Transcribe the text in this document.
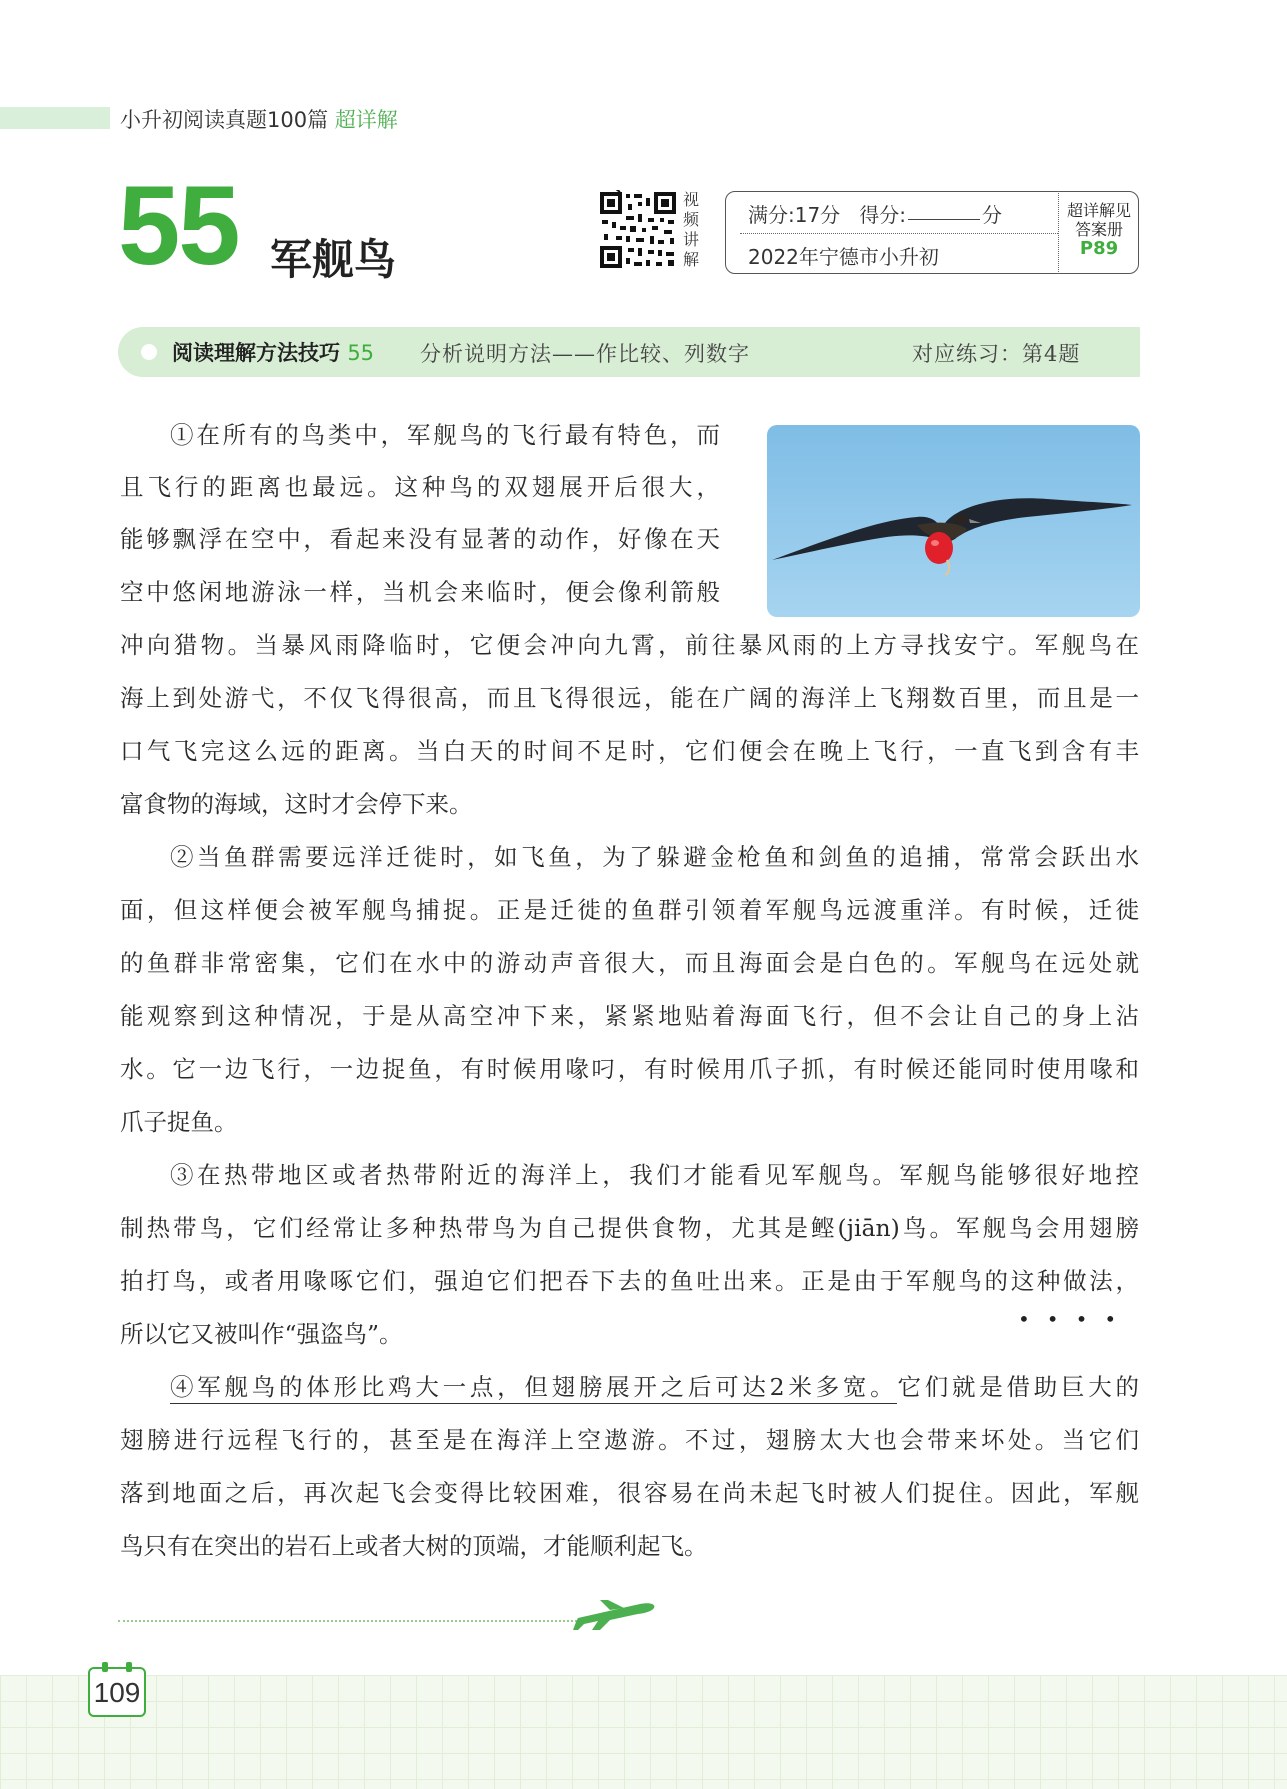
小升初阅读真题100篇 超详解
55 军舰鸟
视
频
讲
解
满分:17分 得分:	分
2022年宁德市小升初
超详解见
答案册
P89
阅读理解方法技巧 55 分析说明方法——作比较、列数字	对应练习：第4题
①在所有的鸟类中，军舰鸟的飞行最有特色，而
且飞行的距离也最远。这种鸟的双翅展开后很大，
能够飘浮在空中，看起来没有显著的动作，好像在天
空中悠闲地游泳一样，当机会来临时，便会像利箭般
冲向猎物。当暴风雨降临时，它便会冲向九霄，前往暴风雨的上方寻找安宁。军舰鸟在
海上到处游弋，不仅飞得很高，而且飞得很远，能在广阔的海洋上飞翔数百里，而且是一
口气飞完这么远的距离。当白天的时间不足时，它们便会在晚上飞行，一直飞到含有丰
富食物的海域，这时才会停下来。
②当鱼群需要远洋迁徙时，如飞鱼，为了躲避金枪鱼和剑鱼的追捕，常常会跃出水
面，但这样便会被军舰鸟捕捉。正是迁徙的鱼群引领着军舰鸟远渡重洋。有时候，迁徙
的鱼群非常密集，它们在水中的游动声音很大，而且海面会是白色的。军舰鸟在远处就
能观察到这种情况，于是从高空冲下来，紧紧地贴着海面飞行，但不会让自己的身上沾
水。它一边飞行，一边捉鱼，有时候用喙叼，有时候用爪子抓，有时候还能同时使用喙和
爪子捉鱼。
③在热带地区或者热带附近的海洋上，我们才能看见军舰鸟。军舰鸟能够很好地控
制热带鸟，它们经常让多种热带鸟为自己提供食物，尤其是鲣(jiān)鸟。军舰鸟会用翅膀
拍打鸟，或者用喙啄它们，强迫它们把吞下去的鱼吐出来。正是由于军舰鸟的这种做法，
••••
所以它又被叫作“强盗鸟”。
④军舰鸟的体形比鸡大一点，但翅膀展开之后可达2米多宽。它们就是借助巨大的
翅膀进行远程飞行的，甚至是在海洋上空遨游。不过，翅膀太大也会带来坏处。当它们
落到地面之后，再次起飞会变得比较困难，很容易在尚未起飞时被人们捉住。因此，军舰
鸟只有在突出的岩石上或者大树的顶端，才能顺利起飞。
109
